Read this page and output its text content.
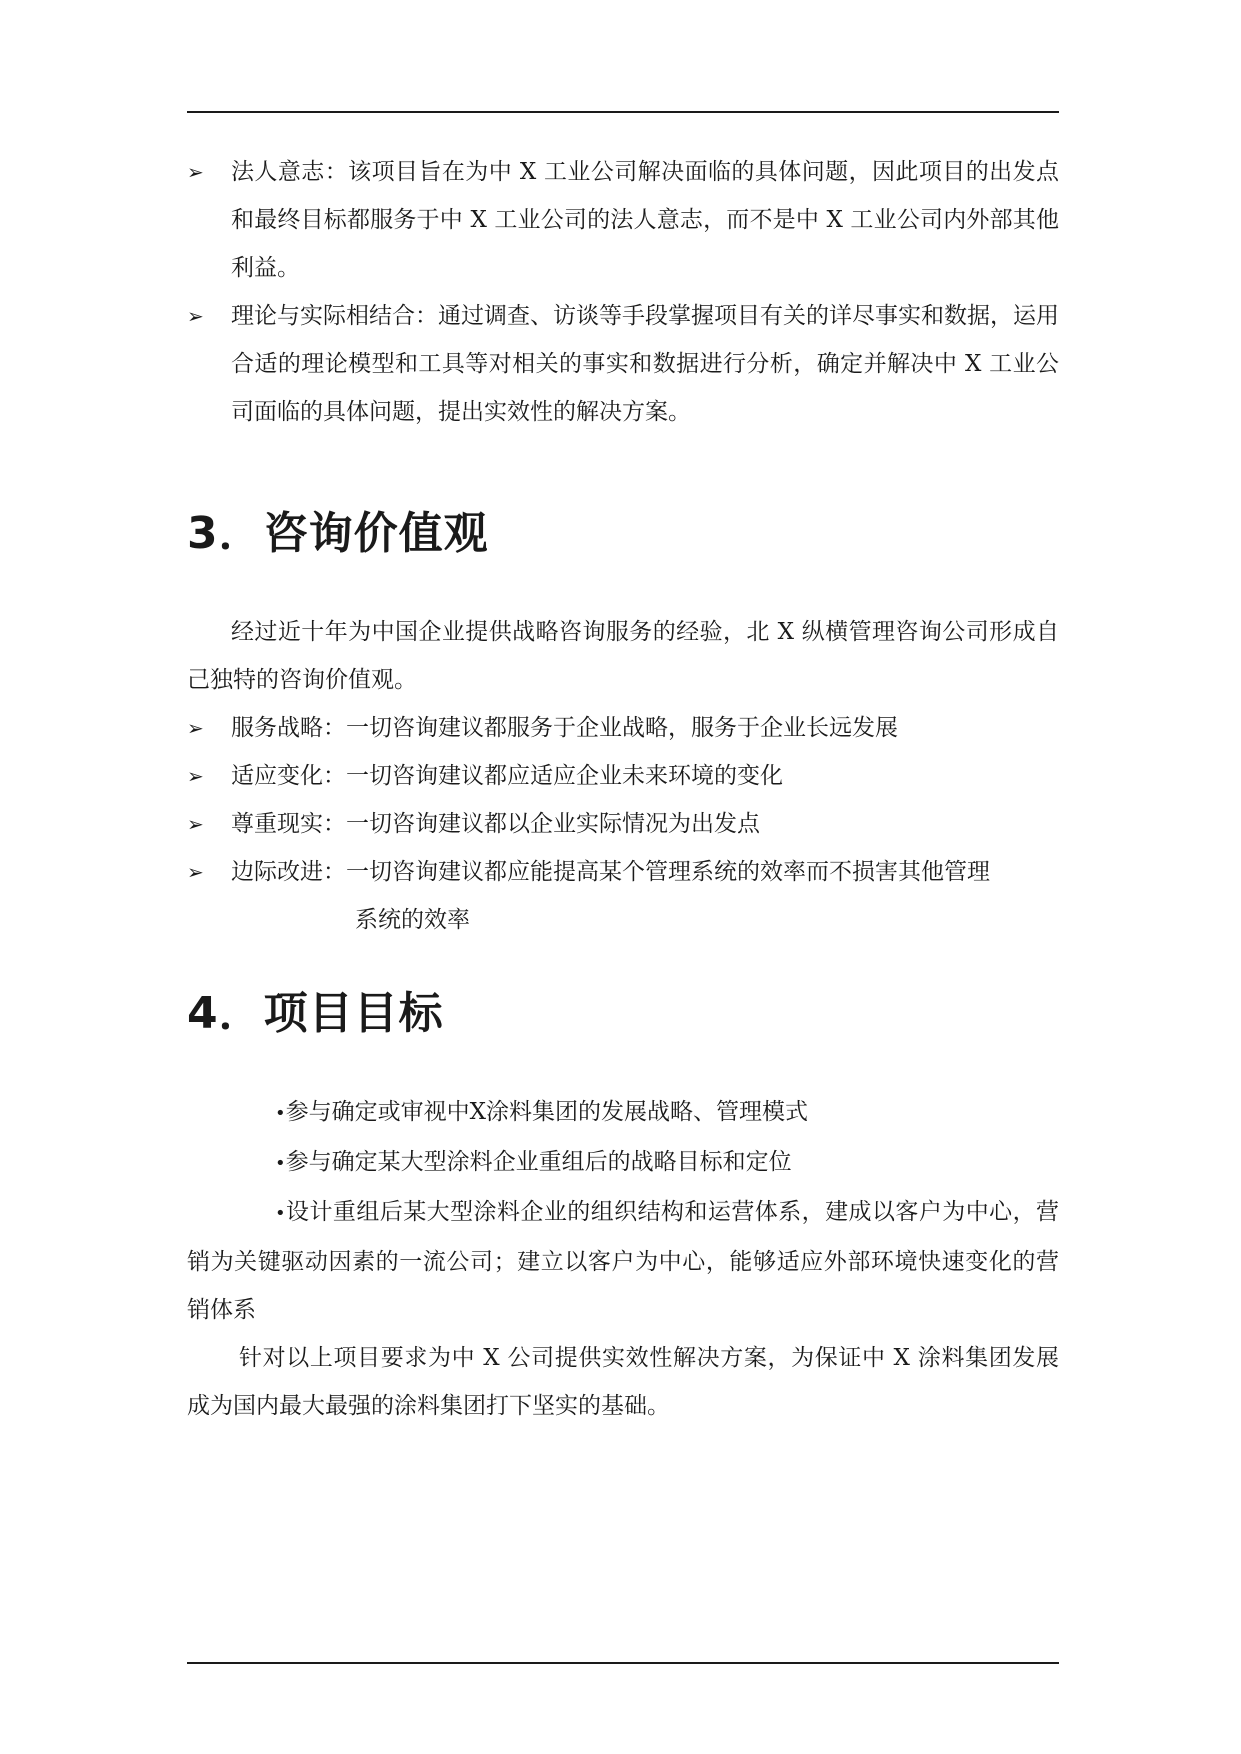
➢ 法人意志：该项目旨在为中 X 工业公司解决面临的具体问题，因此项目的出发点和最终目标都服务于中 X 工业公司的法人意志，而不是中 X 工业公司内外部其他利益。
➢ 理论与实际相结合：通过调查、访谈等手段掌握项目有关的详尽事实和数据，运用合适的理论模型和工具等对相关的事实和数据进行分析，确定并解决中 X 工业公司面临的具体问题，提出实效性的解决方案。
3．咨询价值观

经过近十年为中国企业提供战略咨询服务的经验，北 X 纵横管理咨询公司形成自己独特的咨询价值观。

➢ 服务战略：一切咨询建议都服务于企业战略，服务于企业长远发展
➢ 适应变化：一切咨询建议都应适应企业未来环境的变化
➢ 尊重现实：一切咨询建议都以企业实际情况为出发点
➢ 边际改进：一切咨询建议都应能提高某个管理系统的效率而不损害其他管理
系统的效率
4．项目目标

•参与确定或审视中X涂料集团的发展战略、管理模式

•参与确定某大型涂料企业重组后的战略目标和定位

•设计重组后某大型涂料企业的组织结构和运营体系，建成以客户为中心，营销为关键驱动因素的一流公司；建立以客户为中心，能够适应外部环境快速变化的营销体系

针对以上项目要求为中 X 公司提供实效性解决方案，为保证中 X 涂料集团发展成为国内最大最强的涂料集团打下坚实的基础。
